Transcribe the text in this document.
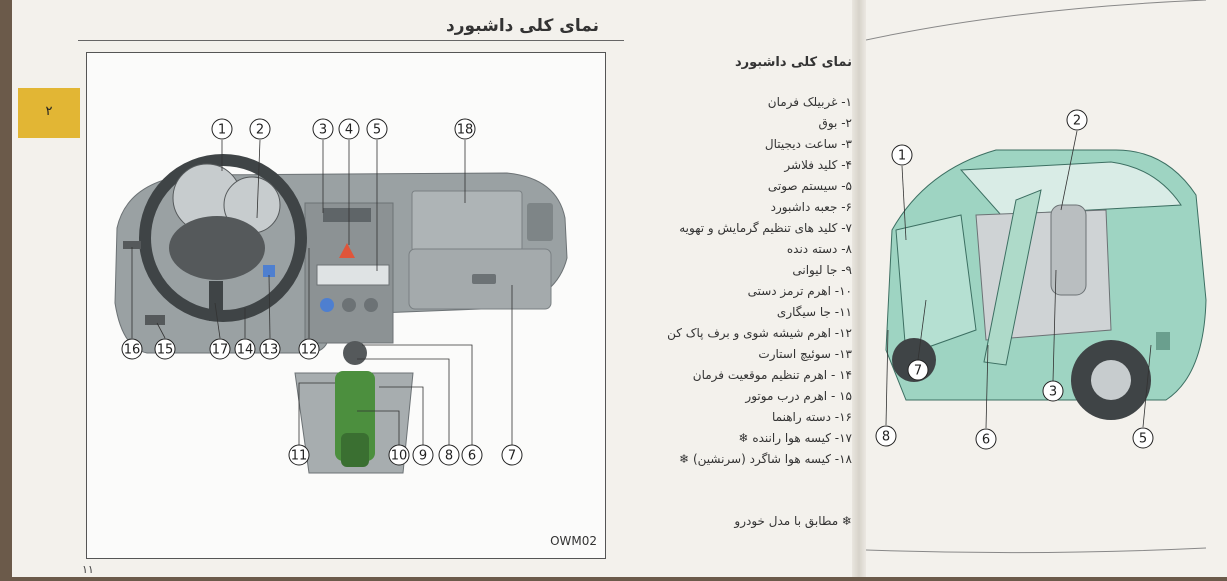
نمای کلی داشبورد
۲
1 2	3 4 5	18
16 15	17 14 13 12
7
6
8
9
10
11
OWM02
نمای کلی داشبورد
۱- غربیلک فرمان
۲- بوق
۳- ساعت دیجیتال
۴- کلید فلاشر
۵- سیستم صوتی
۶- جعبه داشبورد
۷- کلید های تنظیم گرمایش و تهویه
۸- دسته دنده
۹- جا لیوانی
۱۰- اهرم ترمز دستی
۱۱- جا سیگاری
۱۲- اهرم شیشه شوی و برف پاک کن
۱۳- سوئیچ استارت
۱۴ - اهرم تنظیم موقعیت فرمان
۱۵ - اهرم درب موتور
۱۶- دسته راهنما
۱۷- کیسه هوا راننده ❄
۱۸- کیسه هوا شاگرد (سرنشین) ❄
❄ مطابق با مدل خودرو
۱۱
2
1
7
3
8	6	5
